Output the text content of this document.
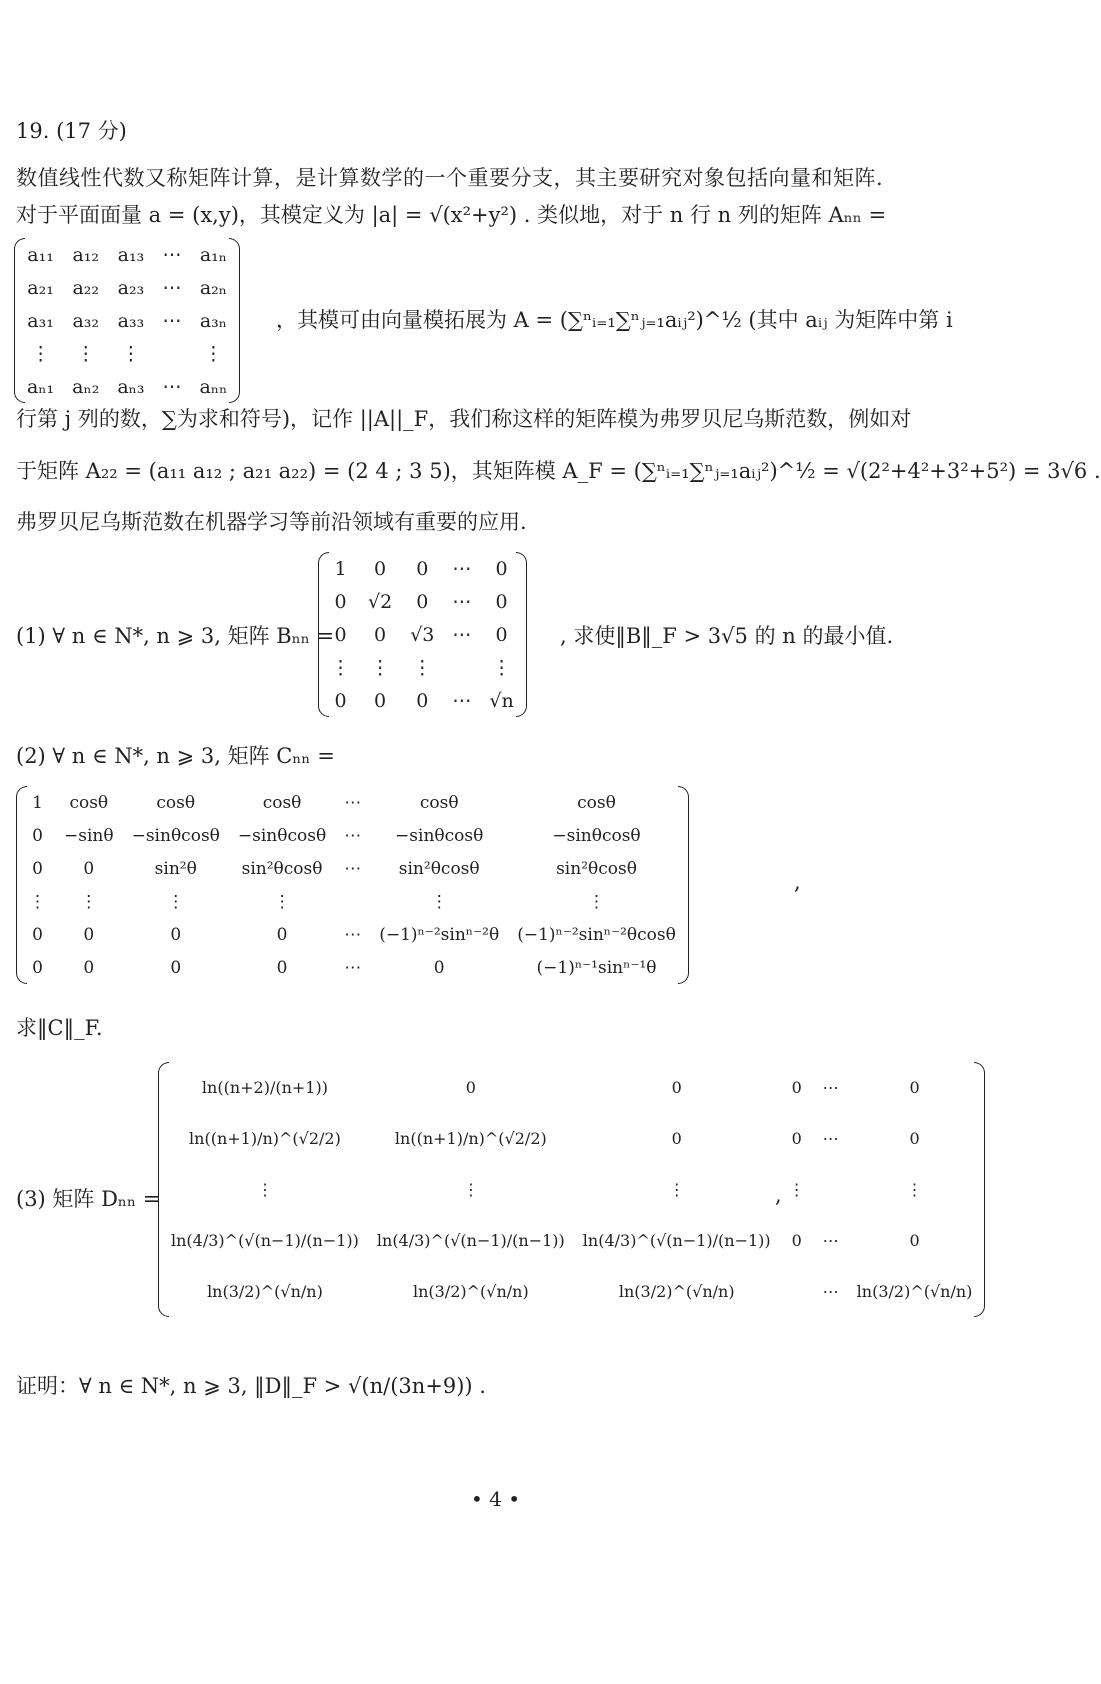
19. (17 分)
数值线性代数又称矩阵计算，是计算数学的一个重要分支，其主要研究对象包括向量和矩阵.
对于平面面量 a = (x,y)，其模定义为 |a| = √(x²+y²) . 类似地，对于 n 行 n 列的矩阵 Aₙₙ =
a₁₁	a₁₂	a₁₃	⋯	a₁ₙ
a₂₁	a₂₂	a₂₃	⋯	a₂ₙ
a₃₁	a₃₂	a₃₃	⋯	a₃ₙ
⋮	⋮	⋮		⋮
aₙ₁	aₙ₂	aₙ₃	⋯	aₙₙ
，其模可由向量模拓展为 A = (∑ⁿᵢ₌₁∑ⁿⱼ₌₁aᵢⱼ²)^½ (其中 aᵢⱼ 为矩阵中第 i
行第 j 列的数，∑为求和符号)，记作 ||A||_F，我们称这样的矩阵模为弗罗贝尼乌斯范数，例如对
于矩阵 A₂₂ = (a₁₁ a₁₂ ; a₂₁ a₂₂) = (2 4 ; 3 5)，其矩阵模 A_F = (∑ⁿᵢ₌₁∑ⁿⱼ₌₁aᵢⱼ²)^½ = √(2²+4²+3²+5²) = 3√6 .
弗罗贝尼乌斯范数在机器学习等前沿领域有重要的应用.
(1) ∀ n ∈ N*, n ⩾ 3, 矩阵 Bₙₙ =
1	0	0	⋯	0
0	√2	0	⋯	0
0	0	√3	⋯	0
⋮	⋮	⋮		⋮
0	0	0	⋯	√n
, 求使‖B‖_F > 3√5 的 n 的最小值.
(2) ∀ n ∈ N*, n ⩾ 3, 矩阵 Cₙₙ =
1	cosθ	cosθ	cosθ	⋯	cosθ	cosθ
0	−sinθ	−sinθcosθ	−sinθcosθ	⋯	−sinθcosθ	−sinθcosθ
0	0	sin²θ	sin²θcosθ	⋯	sin²θcosθ	sin²θcosθ
⋮	⋮	⋮	⋮		⋮	⋮
0	0	0	0	⋯	(−1)ⁿ⁻²sinⁿ⁻²θ	(−1)ⁿ⁻²sinⁿ⁻²θcosθ
0	0	0	0	⋯	0	(−1)ⁿ⁻¹sinⁿ⁻¹θ
,
求‖C‖_F.
(3) 矩阵 Dₙₙ =
ln((n+2)/(n+1))	0	0	0	⋯	0
ln((n+1)/n)^(√2/2)	ln((n+1)/n)^(√2/2)	0	0	⋯	0
⋮	⋮	⋮	⋮		⋮
ln(4/3)^(√(n−1)/(n−1))	ln(4/3)^(√(n−1)/(n−1))	ln(4/3)^(√(n−1)/(n−1))	0	⋯	0
ln(3/2)^(√n/n)	ln(3/2)^(√n/n)	ln(3/2)^(√n/n)		⋯	ln(3/2)^(√n/n)
,
证明：∀ n ∈ N*, n ⩾ 3, ‖D‖_F > √(n/(3n+9)) .
• 4 •
